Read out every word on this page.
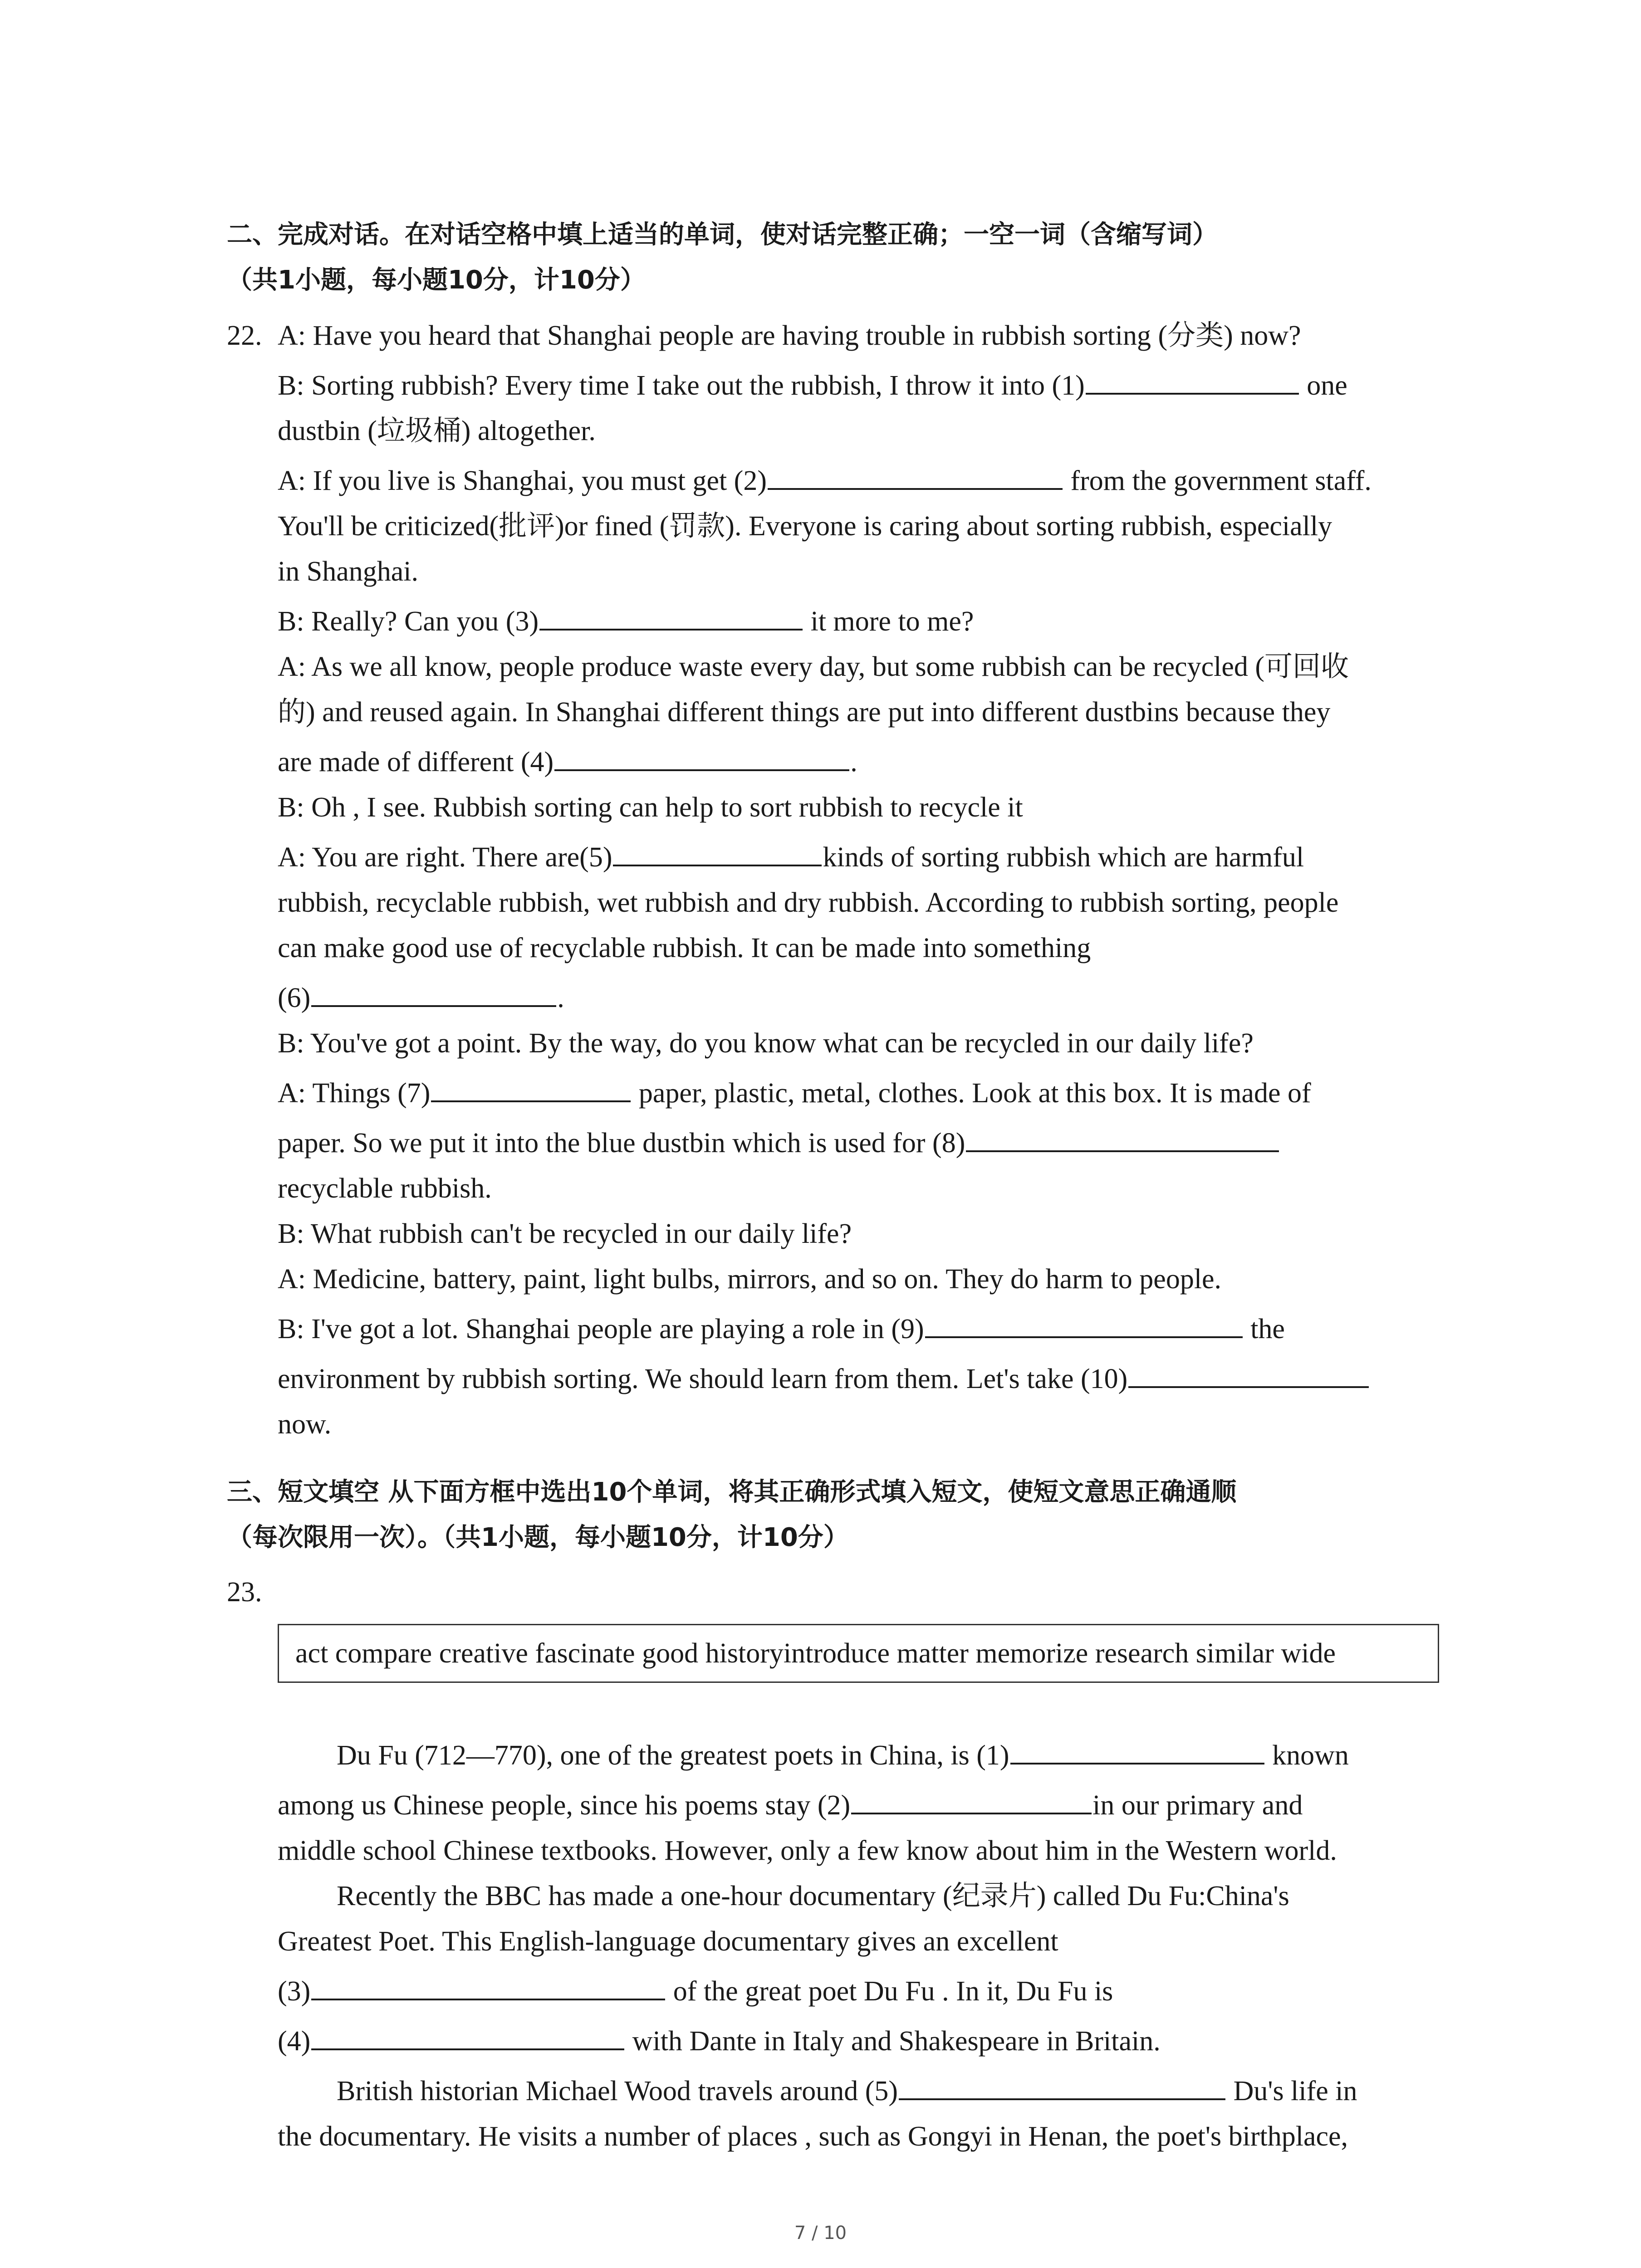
二、完成对话。在对话空格中填上适当的单词，使对话完整正确；一空一词（含缩写词）
（共1小题，每小题10分，计10分）
22. A: Have you heard that Shanghai people are having trouble in rubbish sorting (分类) now?
B: Sorting rubbish? Every time I take out the rubbish, I throw it into (1)	one
dustbin (垃圾桶) altogether.
A: If you live is Shanghai, you must get (2)	from the government staff.
You'll be criticized(批评)or fined (罚款). Everyone is caring about sorting rubbish, especially
in Shanghai.
B: Really? Can you (3)	it more to me?
A: As we all know, people produce waste every day, but some rubbish can be recycled (可回收
的) and reused again. In Shanghai different things are put into different dustbins because they
are made of different (4)	.
B: Oh , I see. Rubbish sorting can help to sort rubbish to recycle it
A: You are right. There are(5)	kinds of sorting rubbish which are harmful
rubbish, recyclable rubbish, wet rubbish and dry rubbish. According to rubbish sorting, people
can make good use of recyclable rubbish. It can be made into something
(6)	.
B: You've got a point. By the way, do you know what can be recycled in our daily life?
A: Things (7)	paper, plastic, metal, clothes. Look at this box. It is made of
paper. So we put it into the blue dustbin which is used for (8)
recyclable rubbish.
B: What rubbish can't be recycled in our daily life?
A: Medicine, battery, paint, light bulbs, mirrors, and so on. They do harm to people.
B: I've got a lot. Shanghai people are playing a role in (9)	the
environment by rubbish sorting. We should learn from them. Let's take (10)
now.
三、短文填空 从下面方框中选出10个单词，将其正确形式填入短文，使短文意思正确通顺
（每次限用一次）。（共1小题，每小题10分，计10分）
23.
act compare creative fascinate good historyintroduce matter memorize research similar wide
Du Fu (712—770), one of the greatest poets in China, is (1)	known
among us Chinese people, since his poems stay (2)	in our primary and
middle school Chinese textbooks. However, only a few know about him in the Western world.
Recently the BBC has made a one-hour documentary (纪录片) called Du Fu:China's
Greatest Poet. This English-language documentary gives an excellent
(3)	of the great poet Du Fu . In it, Du Fu is
(4)	with Dante in Italy and Shakespeare in Britain.
British historian Michael Wood travels around (5)	Du's life in
the documentary. He visits a number of places , such as Gongyi in Henan, the poet's birthplace,
7 / 10
